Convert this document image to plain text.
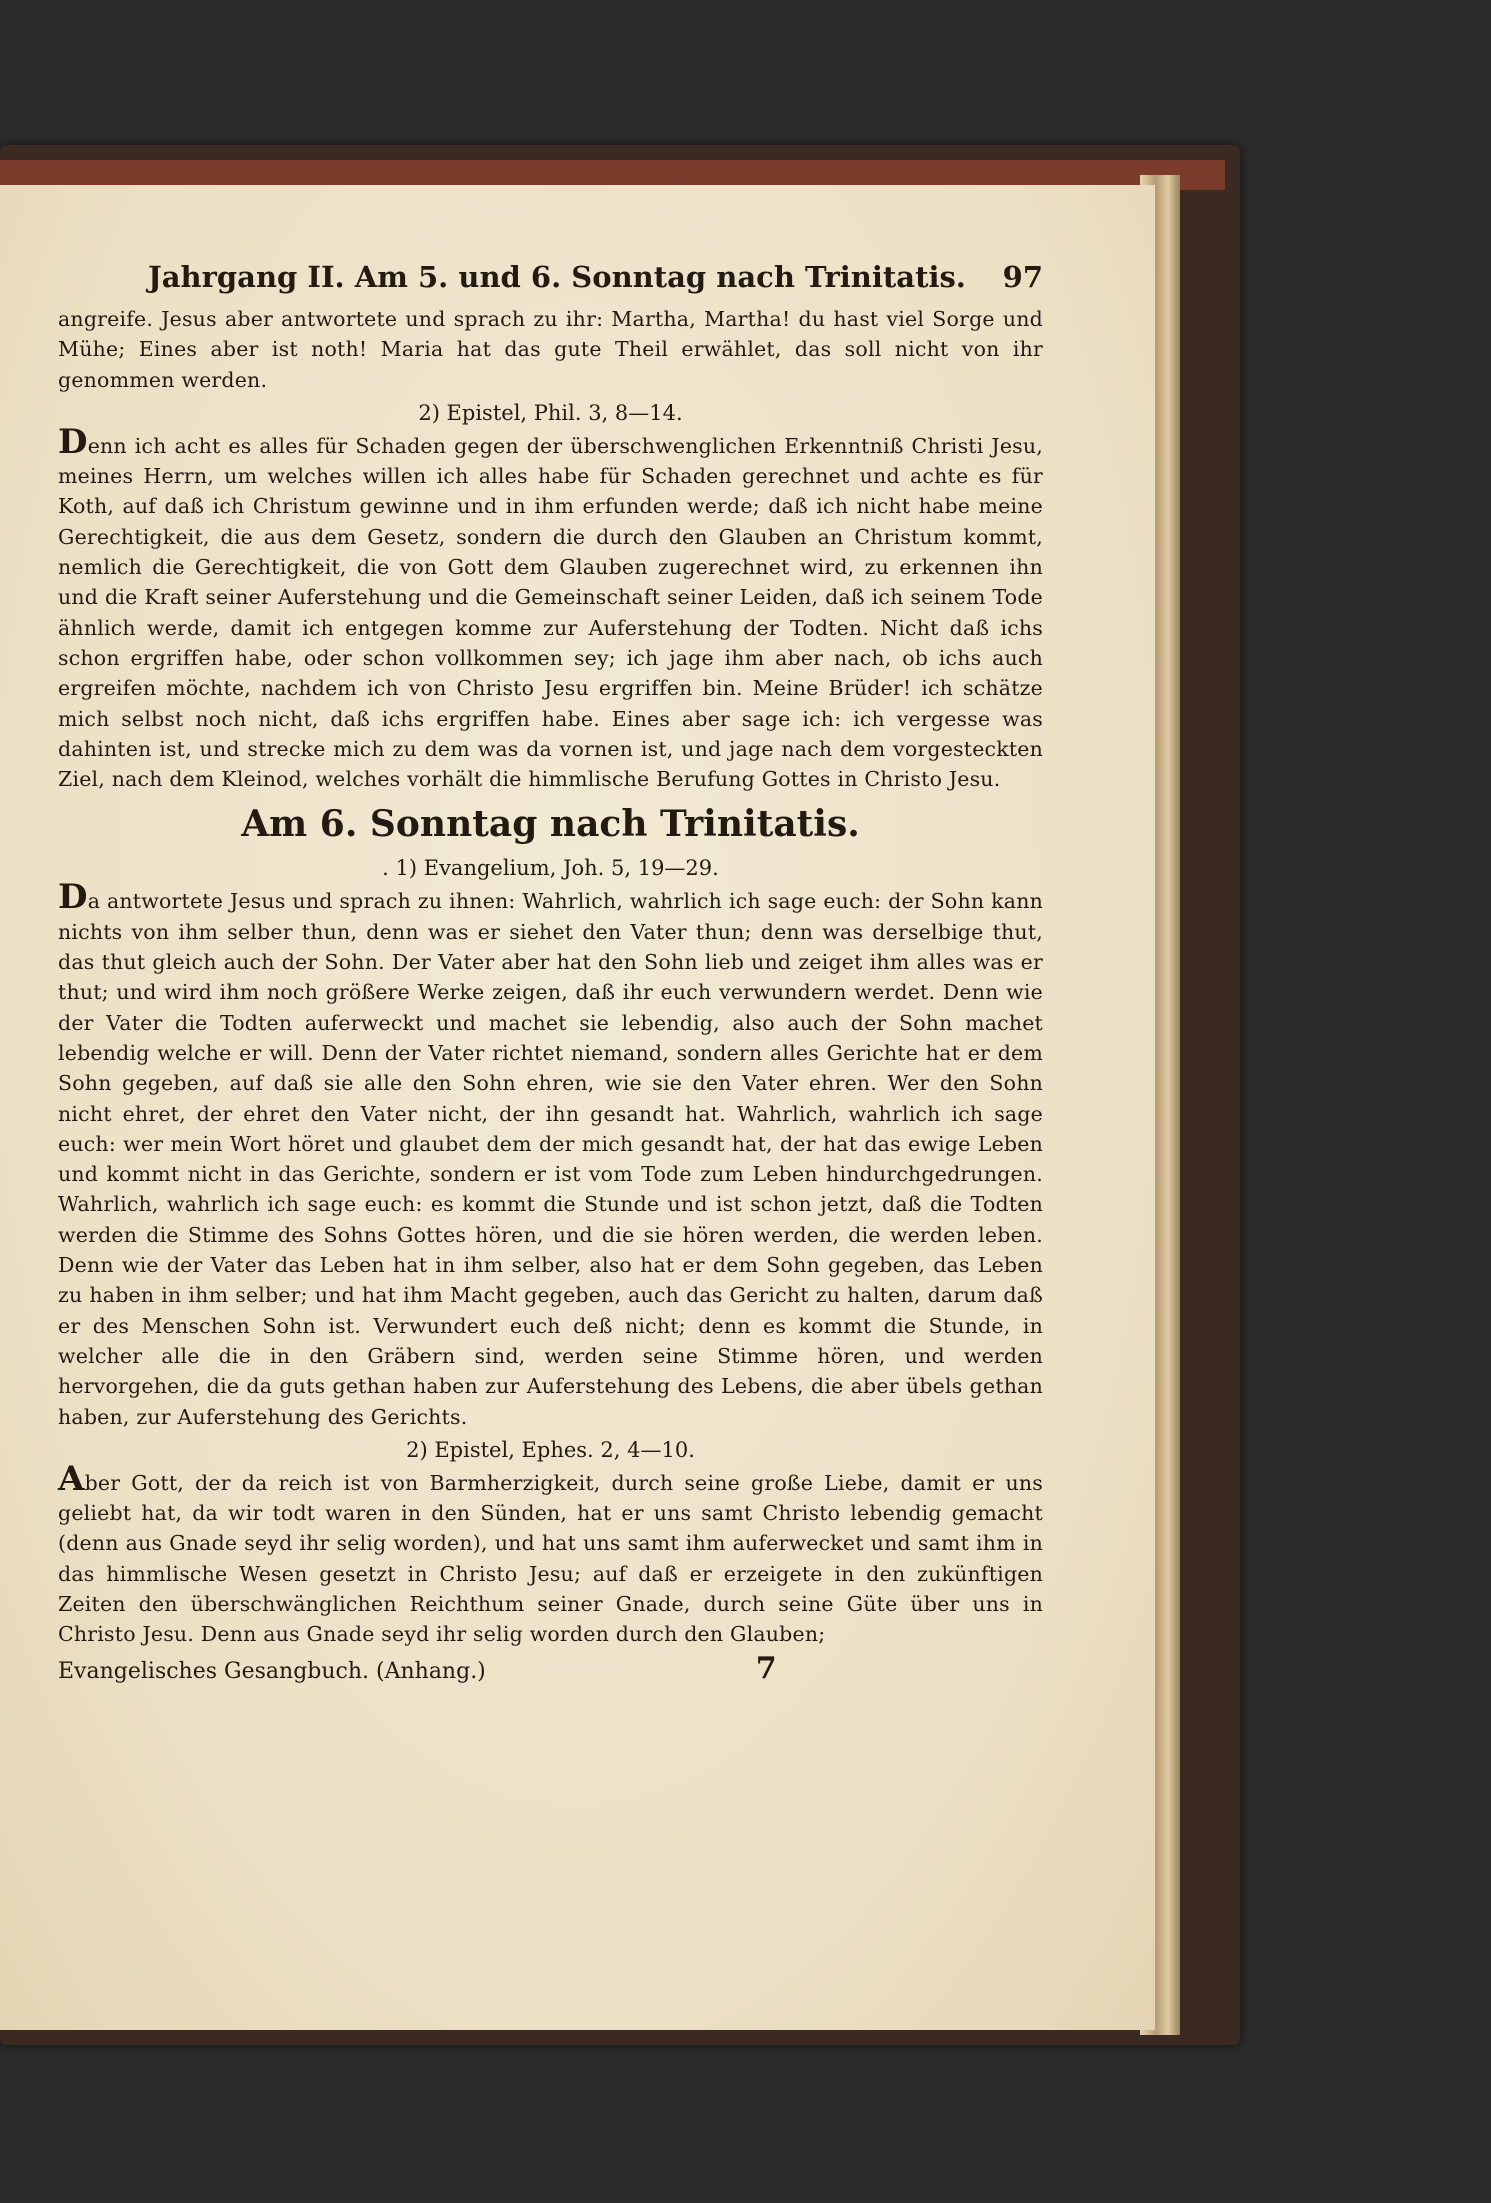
Jahrgang II. Am 5. und 6. Sonntag nach Trinitatis. 97

angreife. Jesus aber antwortete und sprach zu ihr: Martha, Martha! du hast viel Sorge und Mühe; Eines aber ist noth! Maria hat das gute Theil erwählet, das soll nicht von ihr genommen werden.

2) Epistel, Phil. 3, 8—14.

Denn ich acht es alles für Schaden gegen der überschwenglichen Erkenntniß Christi Jesu, meines Herrn, um welches willen ich alles habe für Schaden gerechnet und achte es für Koth, auf daß ich Christum gewinne und in ihm erfunden werde; daß ich nicht habe meine Gerechtigkeit, die aus dem Gesetz, sondern die durch den Glauben an Christum kommt, nemlich die Gerechtigkeit, die von Gott dem Glauben zugerechnet wird, zu erkennen ihn und die Kraft seiner Auferstehung und die Gemeinschaft seiner Leiden, daß ich seinem Tode ähnlich werde, damit ich entgegen komme zur Auferstehung der Todten. Nicht daß ichs schon ergriffen habe, oder schon vollkommen sey; ich jage ihm aber nach, ob ichs auch ergreifen möchte, nachdem ich von Christo Jesu ergriffen bin. Meine Brüder! ich schätze mich selbst noch nicht, daß ichs ergriffen habe. Eines aber sage ich: ich vergesse was dahinten ist, und strecke mich zu dem was da vornen ist, und jage nach dem vorgesteckten Ziel, nach dem Kleinod, welches vorhält die himmlische Berufung Gottes in Christo Jesu.

Am 6. Sonntag nach Trinitatis.
. 1) Evangelium, Joh. 5, 19—29.

Da antwortete Jesus und sprach zu ihnen: Wahrlich, wahrlich ich sage euch: der Sohn kann nichts von ihm selber thun, denn was er siehet den Vater thun; denn was derselbige thut, das thut gleich auch der Sohn. Der Vater aber hat den Sohn lieb und zeiget ihm alles was er thut; und wird ihm noch größere Werke zeigen, daß ihr euch verwundern werdet. Denn wie der Vater die Todten auferweckt und machet sie lebendig, also auch der Sohn machet lebendig welche er will. Denn der Vater richtet niemand, sondern alles Gerichte hat er dem Sohn gegeben, auf daß sie alle den Sohn ehren, wie sie den Vater ehren. Wer den Sohn nicht ehret, der ehret den Vater nicht, der ihn gesandt hat. Wahrlich, wahrlich ich sage euch: wer mein Wort höret und glaubet dem der mich gesandt hat, der hat das ewige Leben und kommt nicht in das Gerichte, sondern er ist vom Tode zum Leben hindurchgedrungen. Wahrlich, wahrlich ich sage euch: es kommt die Stunde und ist schon jetzt, daß die Todten werden die Stimme des Sohns Gottes hören, und die sie hören werden, die werden leben. Denn wie der Vater das Leben hat in ihm selber, also hat er dem Sohn gegeben, das Leben zu haben in ihm selber; und hat ihm Macht gegeben, auch das Gericht zu halten, darum daß er des Menschen Sohn ist. Verwundert euch deß nicht; denn es kommt die Stunde, in welcher alle die in den Gräbern sind, werden seine Stimme hören, und werden hervorgehen, die da guts gethan haben zur Auferstehung des Lebens, die aber übels gethan haben, zur Auferstehung des Gerichts.

2) Epistel, Ephes. 2, 4—10.

Aber Gott, der da reich ist von Barmherzigkeit, durch seine große Liebe, damit er uns geliebt hat, da wir todt waren in den Sünden, hat er uns samt Christo lebendig gemacht (denn aus Gnade seyd ihr selig worden), und hat uns samt ihm auferwecket und samt ihm in das himmlische Wesen gesetzt in Christo Jesu; auf daß er erzeigete in den zukünftigen Zeiten den überschwänglichen Reichthum seiner Gnade, durch seine Güte über uns in Christo Jesu. Denn aus Gnade seyd ihr selig worden durch den Glauben;

Evangelisches Gesangbuch. (Anhang.)	7
